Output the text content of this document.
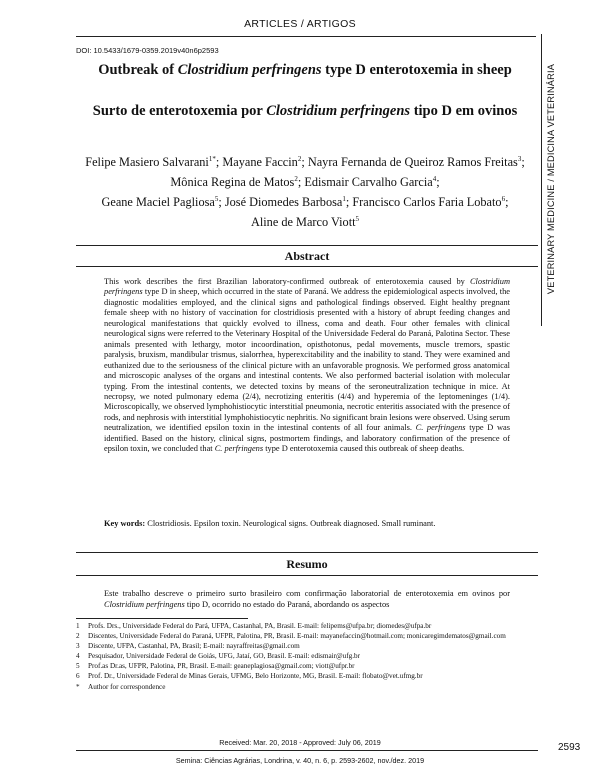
ARTICLES / ARTIGOS
DOI: 10.5433/1679-0359.2019v40n6p2593
VETERINARY MEDICINE / MEDICINA VETERINÁRIA
Outbreak of Clostridium perfringens type D enterotoxemia in sheep
Surto de enterotoxemia por Clostridium perfringens tipo D em ovinos
Felipe Masiero Salvarani$^{1*}$; Mayane Faccin$^2$; Nayra Fernanda de Queiroz Ramos Freitas$^3$; Mônica Regina de Matos$^2$; Edismair Carvalho Garcia$^4$;
Geane Maciel Pagliosa$^5$; José Diomedes Barbosa$^1$; Francisco Carlos Faria Lobato$^6$;
Aline de Marco Viott$^5$
Abstract
This work describes the first Brazilian laboratory-confirmed outbreak of enterotoxemia caused by Clostridium perfringens type D in sheep, which occurred in the state of Paraná. We address the epidemiological aspects involved, the diagnostic modalities employed, and the clinical signs and pathological findings observed. Eight healthy pregnant female sheep with no history of vaccination for clostridiosis presented with a history of abrupt feeding changes and neurological manifestations that quickly evolved to illness, coma and death. Four other females with clinical neurological signs were referred to the Veterinary Hospital of the Universidade Federal do Paraná, Palotina Sector. These animals presented with lethargy, motor incoordination, opisthotonus, pedal movements, muscle tremors, spastic paralysis, bruxism, mandibular trismus, sialorrhea, hyperexcitability and the inability to stand. They were examined and euthanized due to the seriousness of the clinical picture with an unfavorable prognosis. We performed gross anatomical and microscopic analyses of the organs and intestinal contents. We also performed bacterial isolation with molecular typing. From the intestinal contents, we detected toxins by means of the seroneutralization technique in mice. At necropsy, we noted pulmonary edema (2/4), necrotizing enteritis (4/4) and hyperemia of the leptomeninges (1/4). Microscopically, we observed lymphohistiocytic interstitial pneumonia, necrotic enteritis associated with the presence of rods, and nephrosis with interstitial lymphohistiocytic nephritis. No significant brain lesions were observed. Using serum neutralization, we identified epsilon toxin in the intestinal contents of all four animals. C. perfringens type D was identified. Based on the history, clinical signs, postmortem findings, and laboratory confirmation of the presence of epsilon toxin, we concluded that C. perfringens type D enterotoxemia caused this outbreak of sheep deaths.
Key words: Clostridiosis. Epsilon toxin. Neurological signs. Outbreak diagnosed. Small ruminant.
Resumo
Este trabalho descreve o primeiro surto brasileiro com confirmação laboratorial de enterotoxemia em ovinos por Clostridium perfringens tipo D, ocorrido no estado do Paraná, abordando os aspectos
1	Profs. Drs., Universidade Federal do Pará, UFPA, Castanhal, PA, Brasil. E-mail: felipems@ufpa.br; diomedes@ufpa.br
2	Discentes, Universidade Federal do Paraná, UFPR, Palotina, PR, Brasil. E-mail: mayanefaccin@hotmail.com; monicaregimdematos@gmail.com
3	Discente, UFPA, Castanhal, PA, Brasil; E-mail: nayraffreitas@gmail.com
4	Pesquisador, Universidade Federal de Goiás, UFG, Jataí, GO, Brasil. E-mail: edismair@ufg.br
5	Prof.as Dr.as, UFPR, Palotina, PR, Brasil. E-mail: geaneplagiosa@gmail.com; viott@ufpr.br
6	Prof. Dr., Universidade Federal de Minas Gerais, UFMG, Belo Horizonte, MG, Brasil. E-mail: flobato@vet.ufmg.br
*	Author for correspondence
Received: Mar. 20, 2018 - Approved: July 06, 2019	2593
Semina: Ciências Agrárias, Londrina, v. 40, n. 6, p. 2593-2602, nov./dez. 2019
